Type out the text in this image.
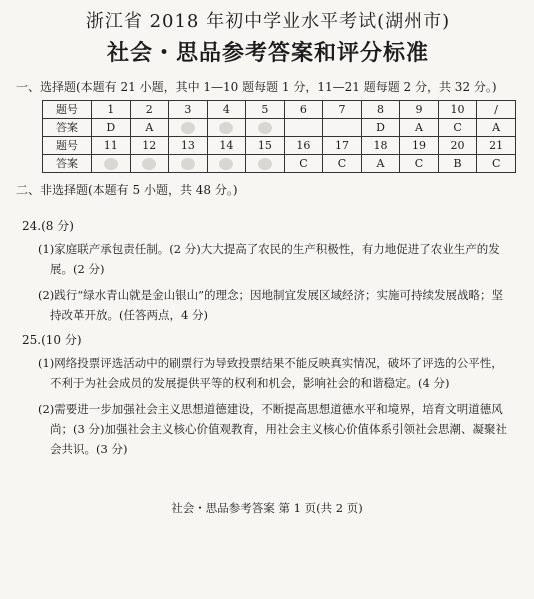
浙江省 2018 年初中学业水平考试(湖州市)

社会・思品参考答案和评分标准

一、选择题(本题有 21 小题，其中 1—10 题每题 1 分，11—21 题每题 2 分，共 32 分。)

题号	1	2	3	4	5	6	7	8	9	10	/
答案	D	A						D	A	C	A
题号	11	12	13	14	15	16	17	18	19	20	21
答案						C	C	A	C	B	C

二、非选择题(本题有 5 小题，共 48 分。)

24.(8 分)

(1)家庭联产承包责任制。(2 分)大大提高了农民的生产积极性，有力地促进了农业生产的发展。(2 分)

(2)践行“绿水青山就是金山银山”的理念；因地制宜发展区域经济；实施可持续发展战略；坚持改革开放。(任答两点，4 分)

25.(10 分)

(1)网络投票评选活动中的刷票行为导致投票结果不能反映真实情况，破坏了评选的公平性，不利于为社会成员的发展提供平等的权利和机会，影响社会的和谐稳定。(4 分)

(2)需要进一步加强社会主义思想道德建设，不断提高思想道德水平和境界，培育文明道德风尚；(3 分)加强社会主义核心价值观教育，用社会主义核心价值体系引领社会思潮、凝聚社会共识。(3 分)

社会・思品参考答案 第 1 页(共 2 页)
